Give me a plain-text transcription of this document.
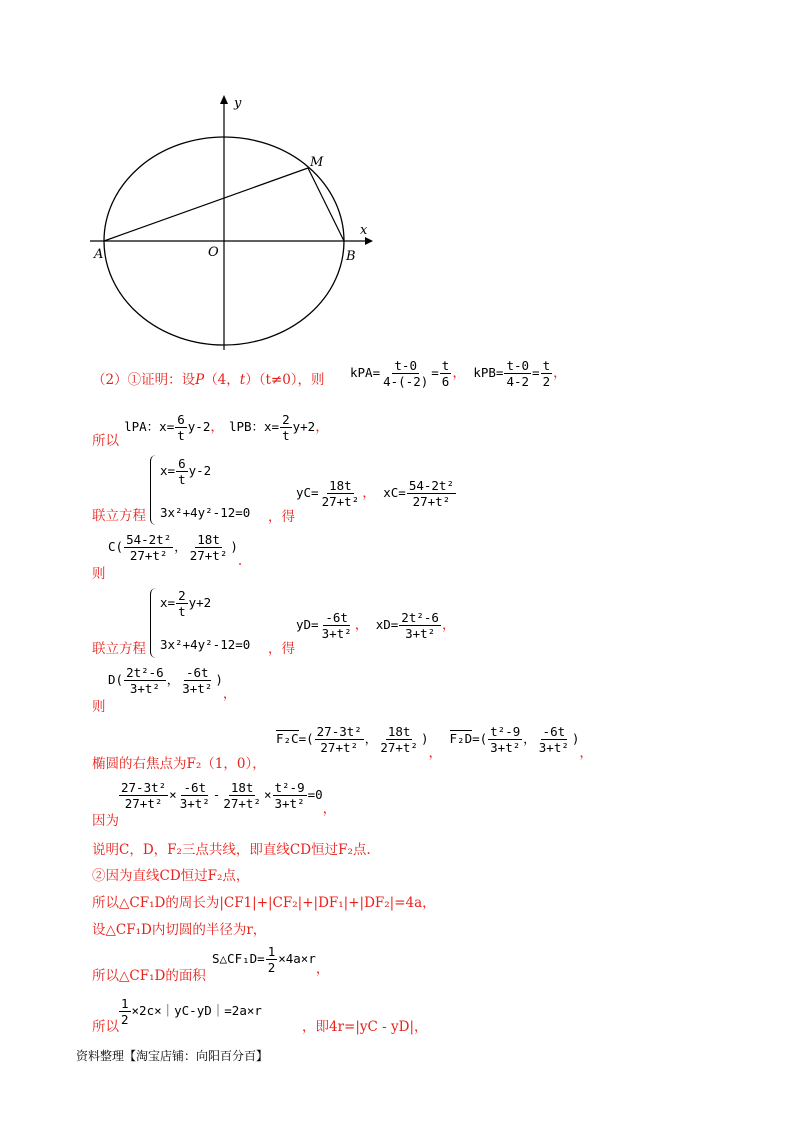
y
x
M
A	O	B
（2）①证明：设P（4，t）（t≠0），则 $kPA= \frac{t-0}{4-(-2)} = \frac{t}{6}$ ， $kPB= \frac{t-0}{4-2} = \frac{t}{2}$ ，
$_{所以}$ lPA：$x= \frac{6}{t} y-2$， lPB：$x= \frac{2}{t} y+2$，
联立方程
$x= \frac{6}{t} y-2$
3x²+4y²-12=0 ，得
$yC= \frac{18t}{\text{27+t²}}$ ， $xC= \frac{\text{54-2t²}}{\text{27+t²}}$
则
$C( \frac{\text{54-2t²}}{\text{27+t²}}$ ， $\frac{18t}{\text{27+t²}}$ ).
联立方程
$x= \frac{2}{t} y+2$
3x²+4y²-12=0 ，得
$yD= \frac{-6t}{\text{3+t²}}$ ， $xD= \frac{\text{2t²-6}}{\text{3+t²}}$ ，
则
$D( \frac{\text{2t²-6}}{\text{3+t²}}$ ， $\frac{-6t}{\text{3+t²}}$ )，
椭圆的右焦点为F₂（1，0），
$F_2C=( \frac{\text{27-3t²}}{\text{27+t²}}$ ， $\frac{18t}{\text{27+t²}}$ )， $F_2D=( \frac{\text{t²-9}}{\text{3+t²}}$ ， $\frac{-6t}{\text{3+t²}}$ )，
因为
$\frac{\text{27-3t²}}{\text{27+t²}} \times \frac{-6t}{\text{3+t²}} - \frac{18t}{\text{27+t²}} \times \frac{\text{t²-9}}{\text{3+t²}} =0$，
说明C，D，F₂三点共线，即直线CD恒过F₂点.
②因为直线CD恒过F₂点，
所以△CF₁D的周长为|CF1|+|CF₂|+|DF₁|+|DF₂|=4a，
设△CF₁D内切圆的半径为r，
所以△CF₁D的面积
S△CF₁D= $\frac{1}{2} \times 4a\times r$，
所以 $\frac{1}{2}$ ×2c×｜yC-yD｜=2a×r
，即4r=|yC - yD|，
资料整理【淘宝店铺：向阳百分百】
